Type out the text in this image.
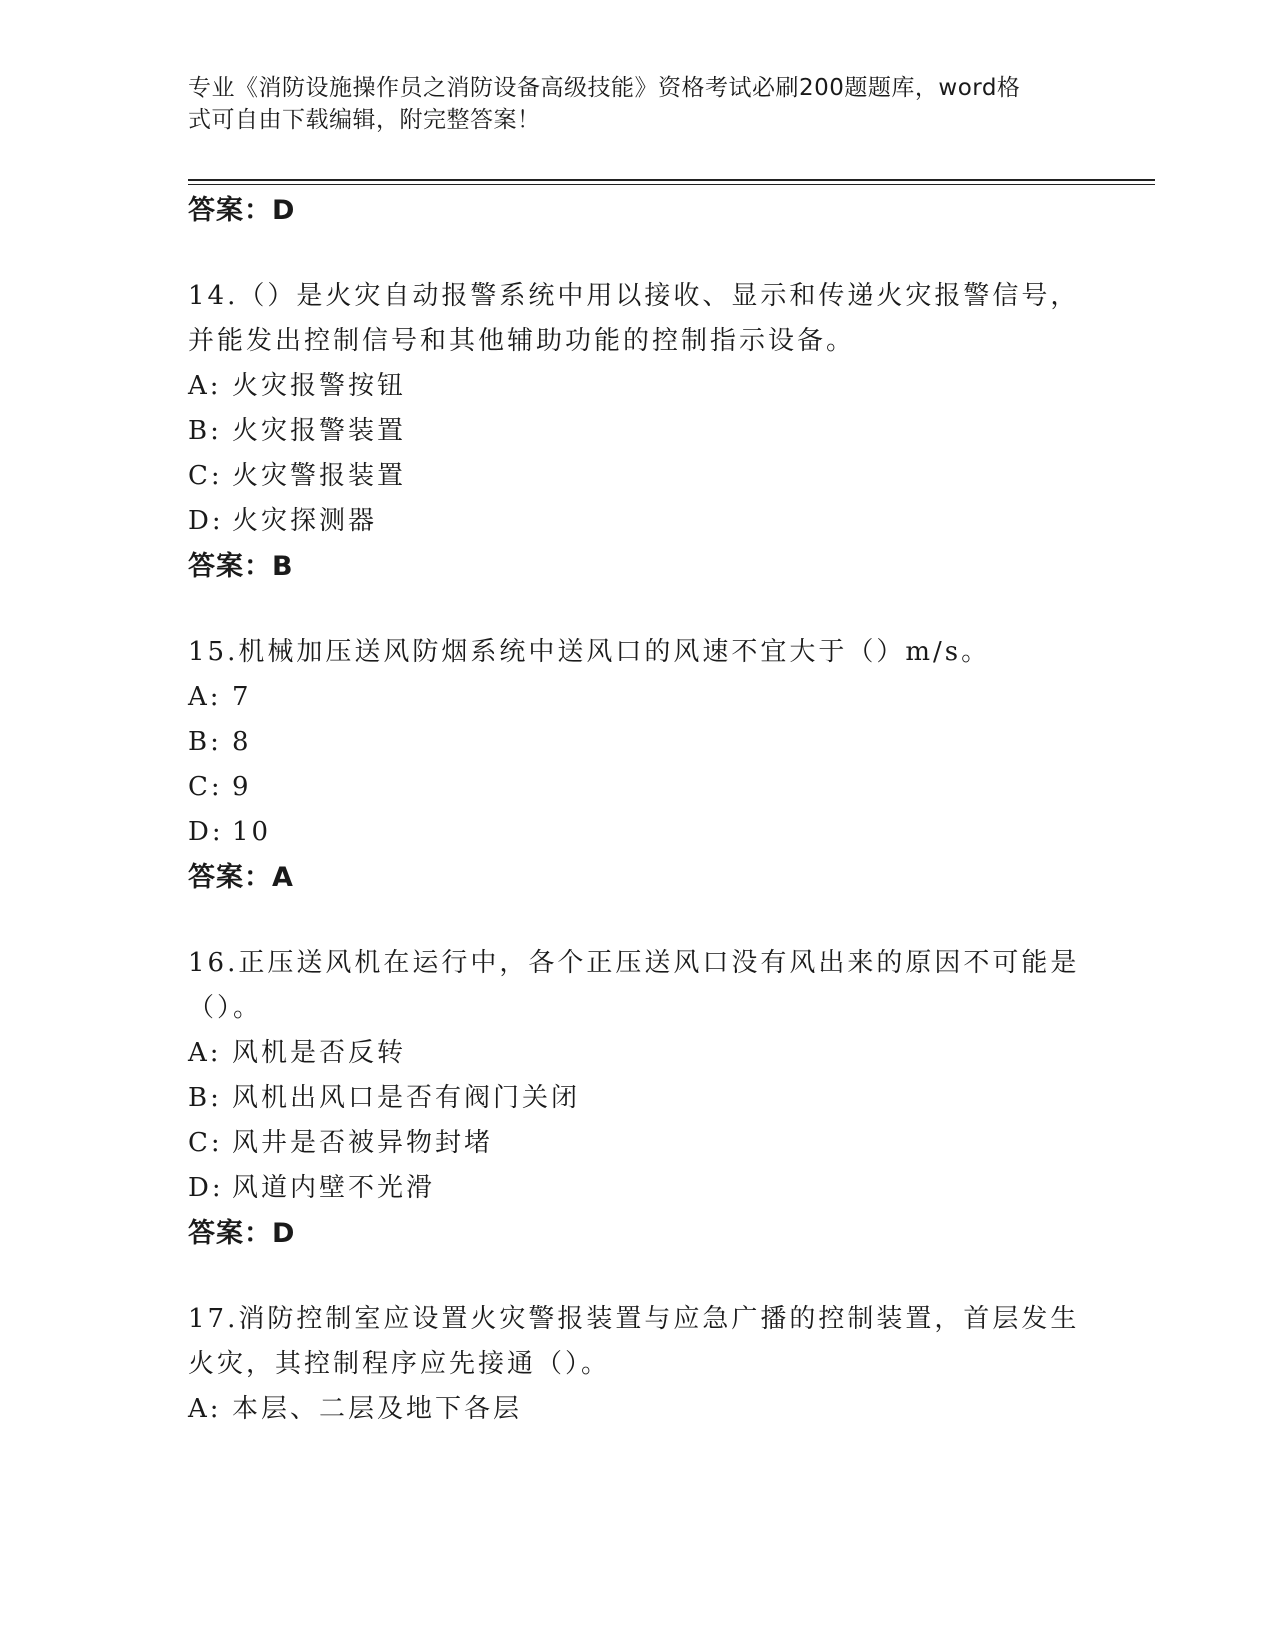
专业《消防设施操作员之消防设备高级技能》资格考试必刷200题题库，word格
式可自由下载编辑，附完整答案！
答案：D
14.（）是火灾自动报警系统中用以接收、显示和传递火灾报警信号，
并能发出控制信号和其他辅助功能的控制指示设备。
A: 火灾报警按钮
B: 火灾报警装置
C: 火灾警报装置
D: 火灾探测器
答案：B
15.机械加压送风防烟系统中送风口的风速不宜大于（）m/s。
A: 7
B: 8
C: 9
D: 10
答案：A
16.正压送风机在运行中，各个正压送风口没有风出来的原因不可能是
（）。
A: 风机是否反转
B: 风机出风口是否有阀门关闭
C: 风井是否被异物封堵
D: 风道内壁不光滑
答案：D
17.消防控制室应设置火灾警报装置与应急广播的控制装置，首层发生
火灾，其控制程序应先接通（）。
A: 本层、二层及地下各层
